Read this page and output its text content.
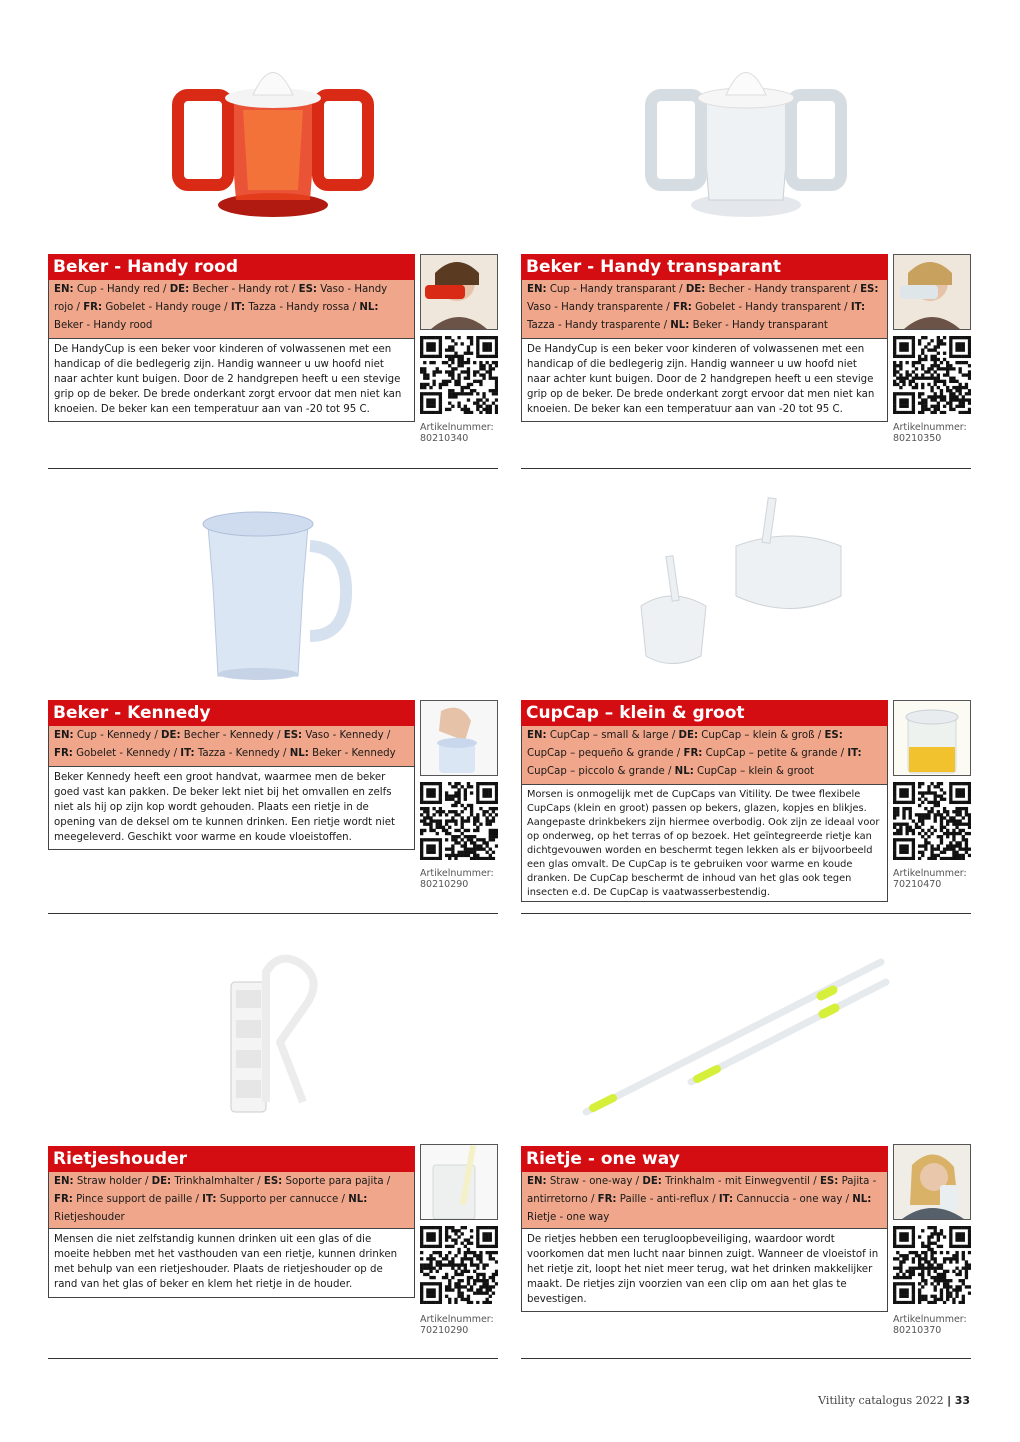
Beker - Handy rood
EN: Cup - Handy red / DE: Becher - Handy rot / ES: Vaso - Handy rojo / FR: Gobelet - Handy rouge / IT: Tazza - Handy rossa / NL: Beker - Handy rood
De HandyCup is een beker voor kinderen of volwassenen met een handicap of die bedlegerig zijn. Handig wanneer u uw hoofd niet naar achter kunt buigen. Door de 2 handgrepen heeft u een stevige grip op de beker. De brede onderkant zorgt ervoor dat men niet kan knoeien. De beker kan een temperatuur aan van -20 tot 95 C.
Artikelnummer:
80210340
Beker - Handy transparant
EN: Cup - Handy transparant / DE: Becher - Handy transparent / ES: Vaso - Handy transparente / FR: Gobelet - Handy transparent / IT: Tazza - Handy trasparente / NL: Beker - Handy transparant
De HandyCup is een beker voor kinderen of volwassenen met een handicap of die bedlegerig zijn. Handig wanneer u uw hoofd niet naar achter kunt buigen. Door de 2 handgrepen heeft u een stevige grip op de beker. De brede onderkant zorgt ervoor dat men niet kan knoeien. De beker kan een temperatuur aan van -20 tot 95 C.
Artikelnummer:
80210350
Beker - Kennedy
EN: Cup - Kennedy / DE: Becher - Kennedy / ES: Vaso - Kennedy / FR: Gobelet - Kennedy / IT: Tazza - Kennedy / NL: Beker - Kennedy
Beker Kennedy heeft een groot handvat, waarmee men de beker goed vast kan pakken. De beker lekt niet bij het omvallen en zelfs niet als hij op zijn kop wordt gehouden. Plaats een rietje in de opening van de deksel om te kunnen drinken. Een rietje wordt niet meegeleverd. Geschikt voor warme en koude vloeistoffen.
Artikelnummer:
80210290
CupCap – klein & groot
EN: CupCap – small & large / DE: CupCap – klein & groß / ES: CupCap – pequeño & grande / FR: CupCap – petite & grande / IT: CupCap – piccolo & grande / NL: CupCap – klein & groot
Morsen is onmogelijk met de CupCaps van Vitility. De twee flexibele CupCaps (klein en groot) passen op bekers, glazen, kopjes en blikjes. Aangepaste drinkbekers zijn hiermee overbodig. Ook zijn ze ideaal voor op onderweg, op het terras of op bezoek. Het geïntegreerde rietje kan dichtgevouwen worden en beschermt tegen lekken als er bijvoorbeeld een glas omvalt. De CupCap is te gebruiken voor warme en koude dranken. De CupCap beschermt de inhoud van het glas ook tegen insecten e.d. De CupCap is vaatwasserbestendig.
Artikelnummer:
70210470
Rietjeshouder
EN: Straw holder / DE: Trinkhalmhalter / ES: Soporte para pajita / FR: Pince support de paille / IT: Supporto per cannucce / NL: Rietjeshouder
Mensen die niet zelfstandig kunnen drinken uit een glas of die moeite hebben met het vasthouden van een rietje, kunnen drinken met behulp van een rietjeshouder. Plaats de rietjeshouder op de rand van het glas of beker en klem het rietje in de houder.
Artikelnummer:
70210290
Rietje - one way
EN: Straw - one-way / DE: Trinkhalm - mit Einwegventil / ES: Pajita - antirretorno / FR: Paille - anti-reflux / IT: Cannuccia - one way / NL: Rietje - one way
De rietjes hebben een terugloopbeveiliging, waardoor wordt voorkomen dat men lucht naar binnen zuigt. Wanneer de vloeistof in het rietje zit, loopt het niet meer terug, wat het drinken makkelijker maakt. De rietjes zijn voorzien van een clip om aan het glas te bevestigen.
Artikelnummer:
80210370
Vitility catalogus 2022 | 33
